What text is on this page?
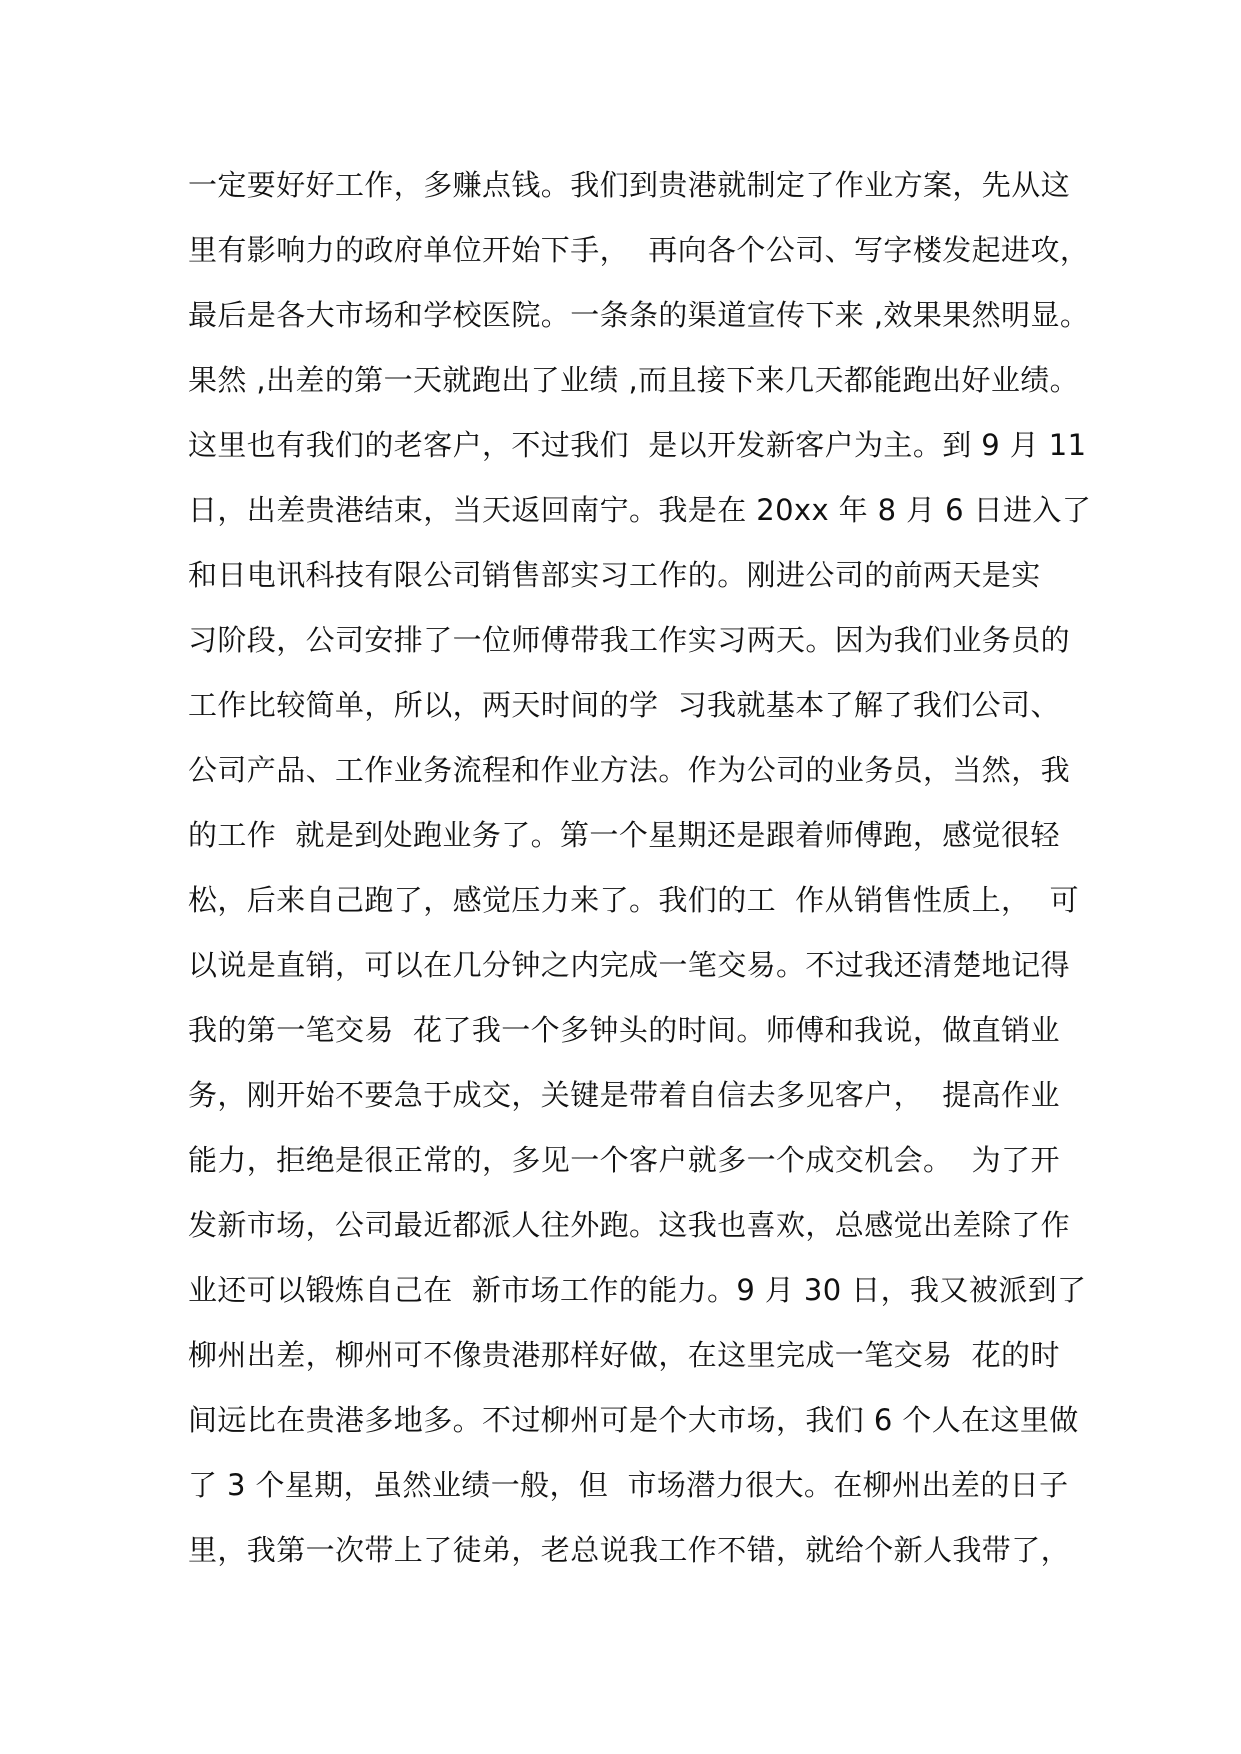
一定要好好工作，多赚点钱。我们到贵港就制定了作业方案，先从这
里有影响力的政府单位开始下手，  再向各个公司、写字楼发起进攻，
最后是各大市场和学校医院。一条条的渠道宣传下来 ,效果果然明显。
果然 ,出差的第一天就跑出了业绩 ,而且接下来几天都能跑出好业绩。
这里也有我们的老客户，不过我们  是以开发新客户为主。到 9 月 11
日，出差贵港结束，当天返回南宁。我是在 20xx 年 8 月 6 日进入了
和日电讯科技有限公司销售部实习工作的。刚进公司的前两天是实
习阶段，公司安排了一位师傅带我工作实习两天。因为我们业务员的
工作比较简单，所以，两天时间的学  习我就基本了解了我们公司、
公司产品、工作业务流程和作业方法。作为公司的业务员，当然，我
的工作  就是到处跑业务了。第一个星期还是跟着师傅跑，感觉很轻
松，后来自己跑了，感觉压力来了。我们的工  作从销售性质上，  可
以说是直销，可以在几分钟之内完成一笔交易。不过我还清楚地记得
我的第一笔交易  花了我一个多钟头的时间。师傅和我说，做直销业
务，刚开始不要急于成交，关键是带着自信去多见客户，  提高作业
能力，拒绝是很正常的，多见一个客户就多一个成交机会。  为了开
发新市场，公司最近都派人往外跑。这我也喜欢，总感觉出差除了作
业还可以锻炼自己在  新市场工作的能力。9 月 30 日，我又被派到了
柳州出差，柳州可不像贵港那样好做，在这里完成一笔交易  花的时
间远比在贵港多地多。不过柳州可是个大市场，我们 6 个人在这里做
了 3 个星期，虽然业绩一般，但  市场潜力很大。在柳州出差的日子
里，我第一次带上了徒弟，老总说我工作不错，就给个新人我带了，
